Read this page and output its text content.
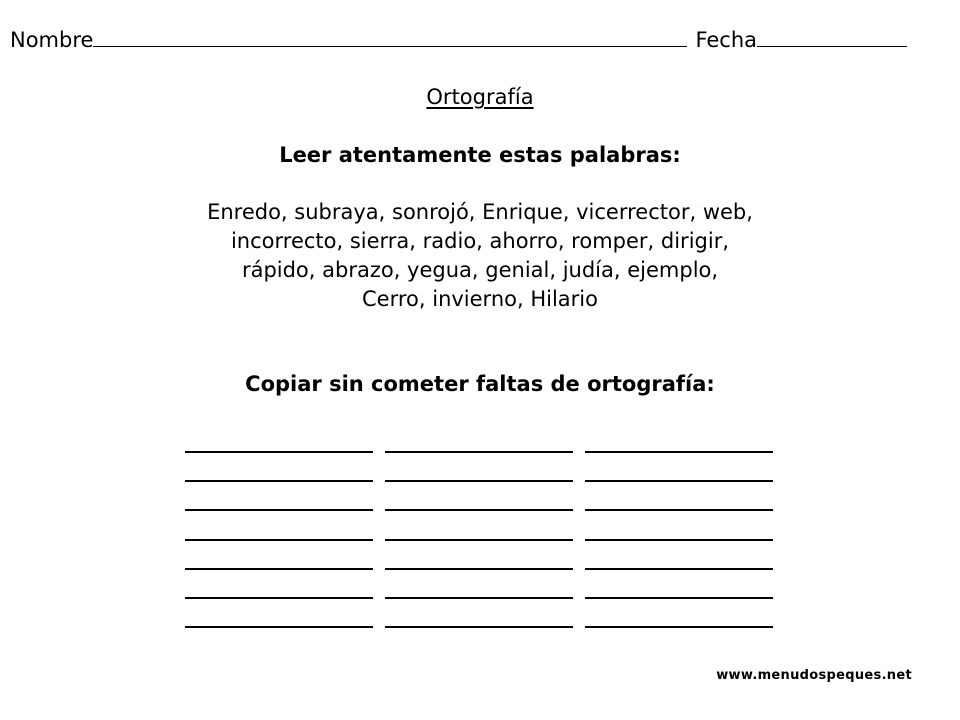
Nombre	Fecha
Ortografía
Leer atentamente estas palabras:
Enredo, subraya, sonrojó, Enrique, vicerrector, web,
incorrecto, sierra, radio, ahorro, romper, dirigir,
rápido, abrazo, yegua, genial, judía, ejemplo,
Cerro, invierno, Hilario
Copiar sin cometer faltas de ortografía:
www.menudospeques.net
